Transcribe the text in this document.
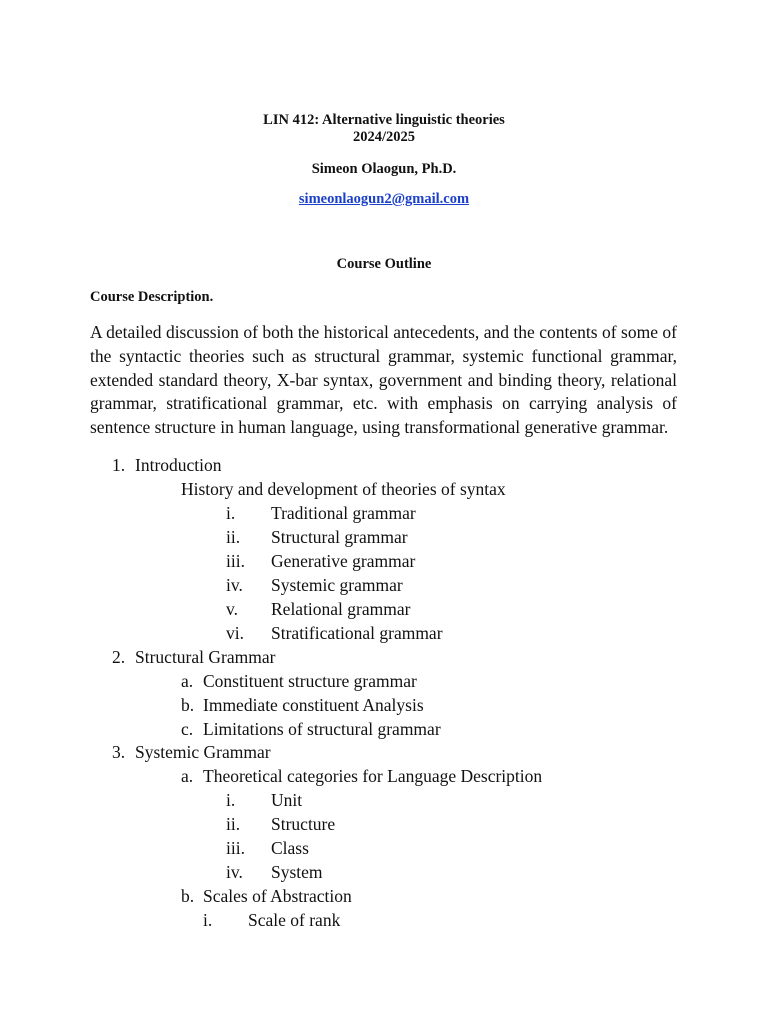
LIN 412: Alternative linguistic theories
2024/2025
Simeon Olaogun, Ph.D.
simeonlaogun2@gmail.com
Course Outline
Course Description.
A detailed discussion of both the historical antecedents, and the contents of some of the syntactic theories such as structural grammar, systemic functional grammar, extended standard theory, X-bar syntax, government and binding theory, relational grammar, stratificational grammar, etc. with emphasis on carrying analysis of sentence structure in human language, using transformational generative grammar.
1. Introduction
History and development of theories of syntax
i. Traditional grammar
ii. Structural grammar
iii. Generative grammar
iv. Systemic grammar
v. Relational grammar
vi. Stratificational grammar
2. Structural Grammar
a. Constituent structure grammar
b. Immediate constituent Analysis
c. Limitations of structural grammar
3. Systemic Grammar
a. Theoretical categories for Language Description
i. Unit
ii. Structure
iii. Class
iv. System
b. Scales of Abstraction
i. Scale of rank
